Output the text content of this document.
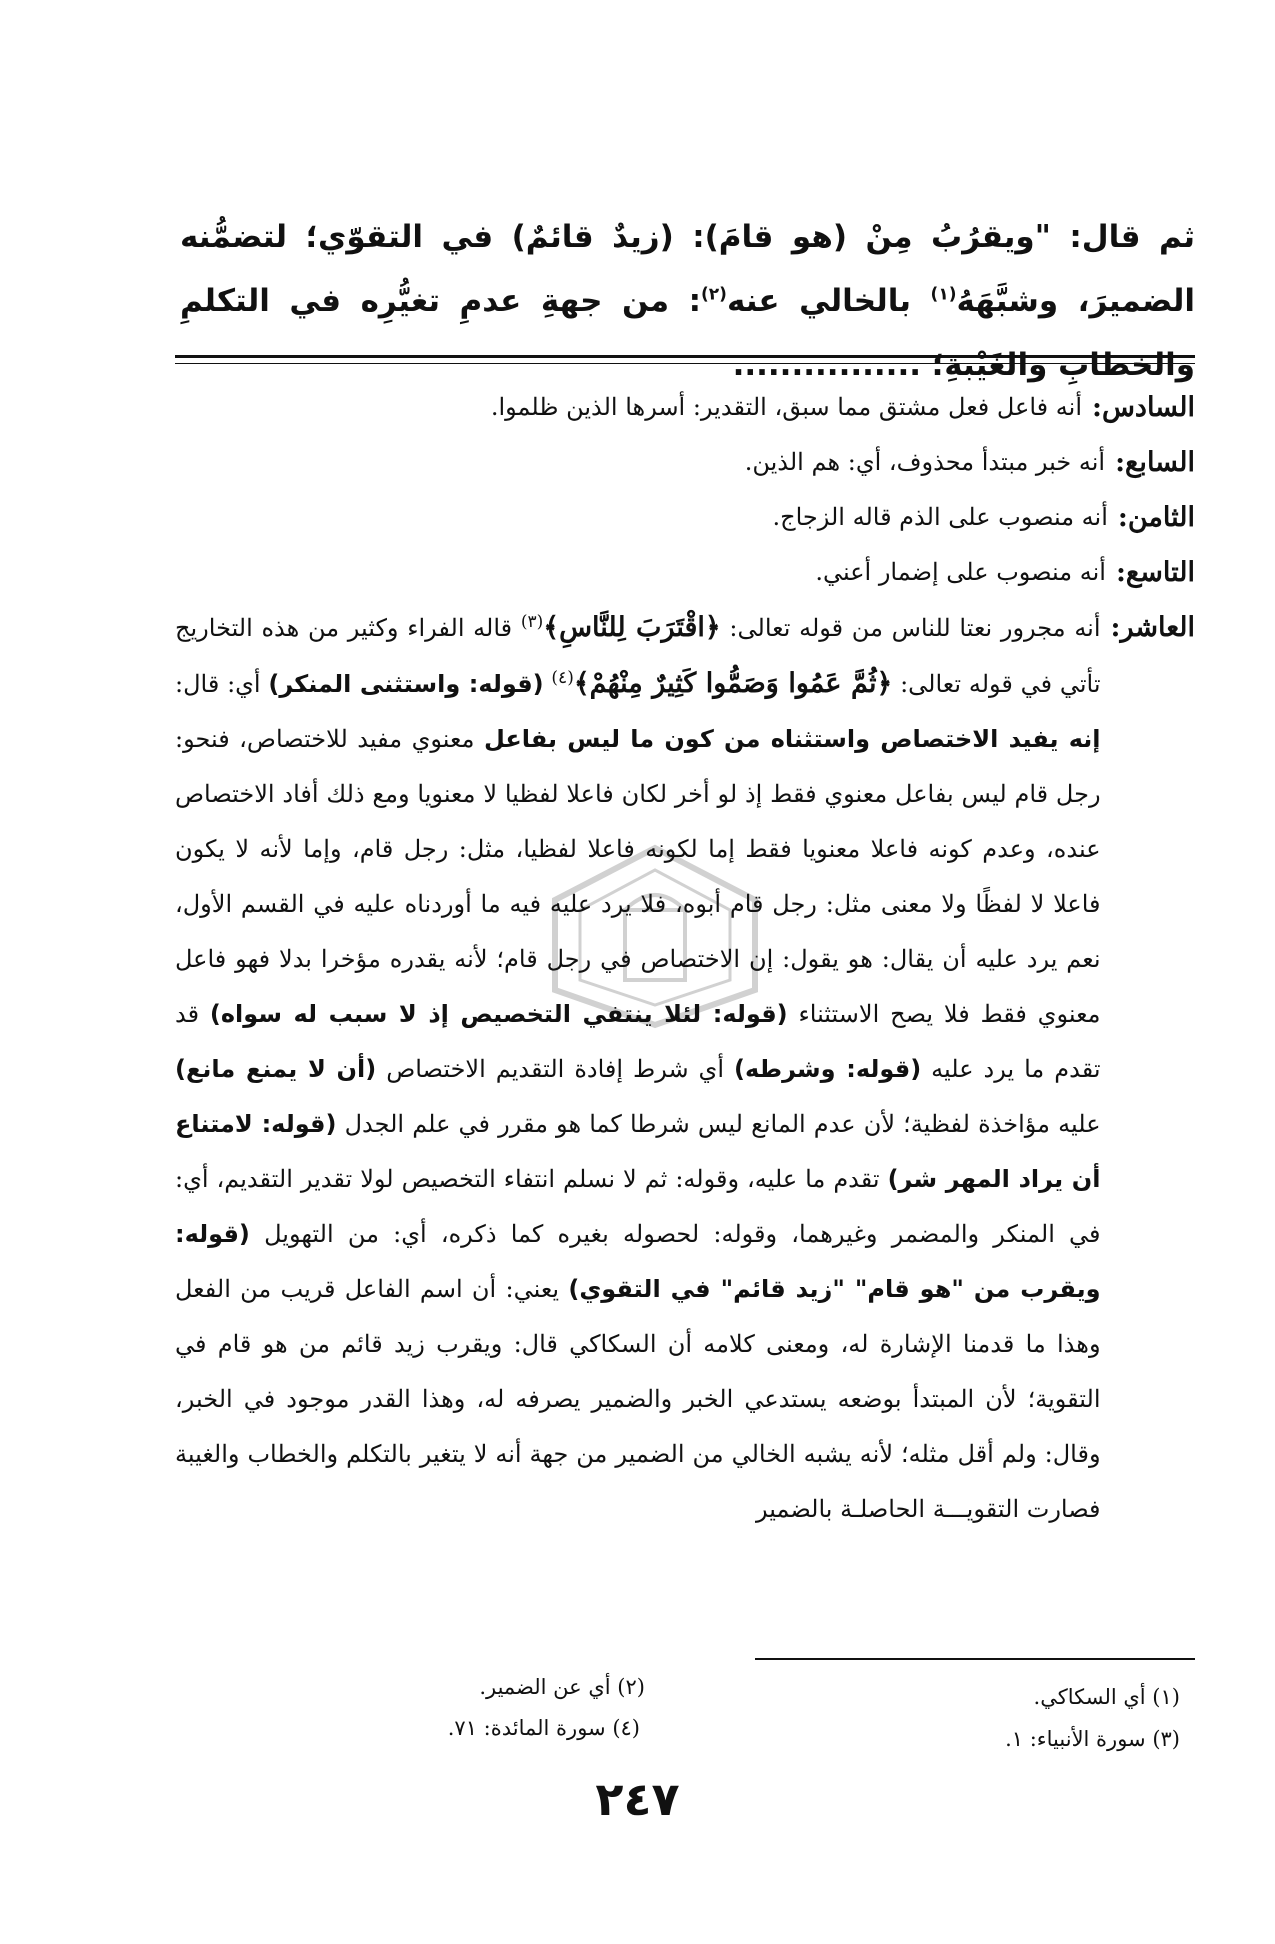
ثم قال: "ويقرُبُ مِنْ (هو قامَ): (زيدٌ قائمٌ) في التقوّي؛ لتضمُّنه الضميرَ، وشبَّهَهُ$^{(١)}$ بالخالي عنه$^{(٢)}$: من جهةِ عدمِ تغيُّرِه في التكلمِ والخطابِ والغَيْبةِ؛ ................
السادس:
أنه فاعل فعل مشتق مما سبق، التقدير: أسرها الذين ظلموا.
السابع:
أنه خبر مبتدأ محذوف، أي: هم الذين.
الثامن:
أنه منصوب على الذم قاله الزجاج.
التاسع:
أنه منصوب على إضمار أعني.
العاشر:
أنه مجرور نعتا للناس من قوله تعالى: ﴿اقْتَرَبَ لِلنَّاسِ﴾$^{(٣)}$ قاله الفراء وكثير من هذه التخاريج تأتي في قوله تعالى: ﴿ثُمَّ عَمُوا وَصَمُّوا كَثِيرٌ مِنْهُمْ﴾$^{(٤)}$ (قوله: واستثنى المنكر) أي: قال: إنه يفيد الاختصاص واستثناه من كون ما ليس بفاعل معنوي مفيد للاختصاص، فنحو: رجل قام ليس بفاعل معنوي فقط إذ لو أخر لكان فاعلا لفظيا لا معنويا ومع ذلك أفاد الاختصاص عنده، وعدم كونه فاعلا معنويا فقط إما لكونه فاعلا لفظيا، مثل: رجل قام، وإما لأنه لا يكون فاعلا لا لفظًا ولا معنى مثل: رجل قام أبوه، فلا يرد عليه فيه ما أوردناه عليه في القسم الأول، نعم يرد عليه أن يقال: هو يقول: إن الاختصاص في رجل قام؛ لأنه يقدره مؤخرا بدلا فهو فاعل معنوي فقط فلا يصح الاستثناء (قوله: لئلا ينتفي التخصيص إذ لا سبب له سواه) قد تقدم ما يرد عليه (قوله: وشرطه) أي شرط إفادة التقديم الاختصاص (أن لا يمنع مانع) عليه مؤاخذة لفظية؛ لأن عدم المانع ليس شرطا كما هو مقرر في علم الجدل (قوله: لامتناع أن يراد المهر شر) تقدم ما عليه، وقوله: ثم لا نسلم انتفاء التخصيص لولا تقدير التقديم، أي: في المنكر والمضمر وغيرهما، وقوله: لحصوله بغيره كما ذكره، أي: من التهويل (قوله: ويقرب من "هو قام" "زيد قائم" في التقوي) يعني: أن اسم الفاعل قريب من الفعل وهذا ما قدمنا الإشارة له، ومعنى كلامه أن السكاكي قال: ويقرب زيد قائم من هو قام في التقوية؛ لأن المبتدأ بوضعه يستدعي الخبر والضمير يصرفه له، وهذا القدر موجود في الخبر، وقال: ولم أقل مثله؛ لأنه يشبه الخالي من الضمير من جهة أنه لا يتغير بالتكلم والخطاب والغيبة فصارت التقويـــة الحاصلـة بالضمير
(١) أي السكاكي.
(٢) أي عن الضمير.
(٣) سورة الأنبياء: ١.
(٤) سورة المائدة: ٧١.
٢٤٧
